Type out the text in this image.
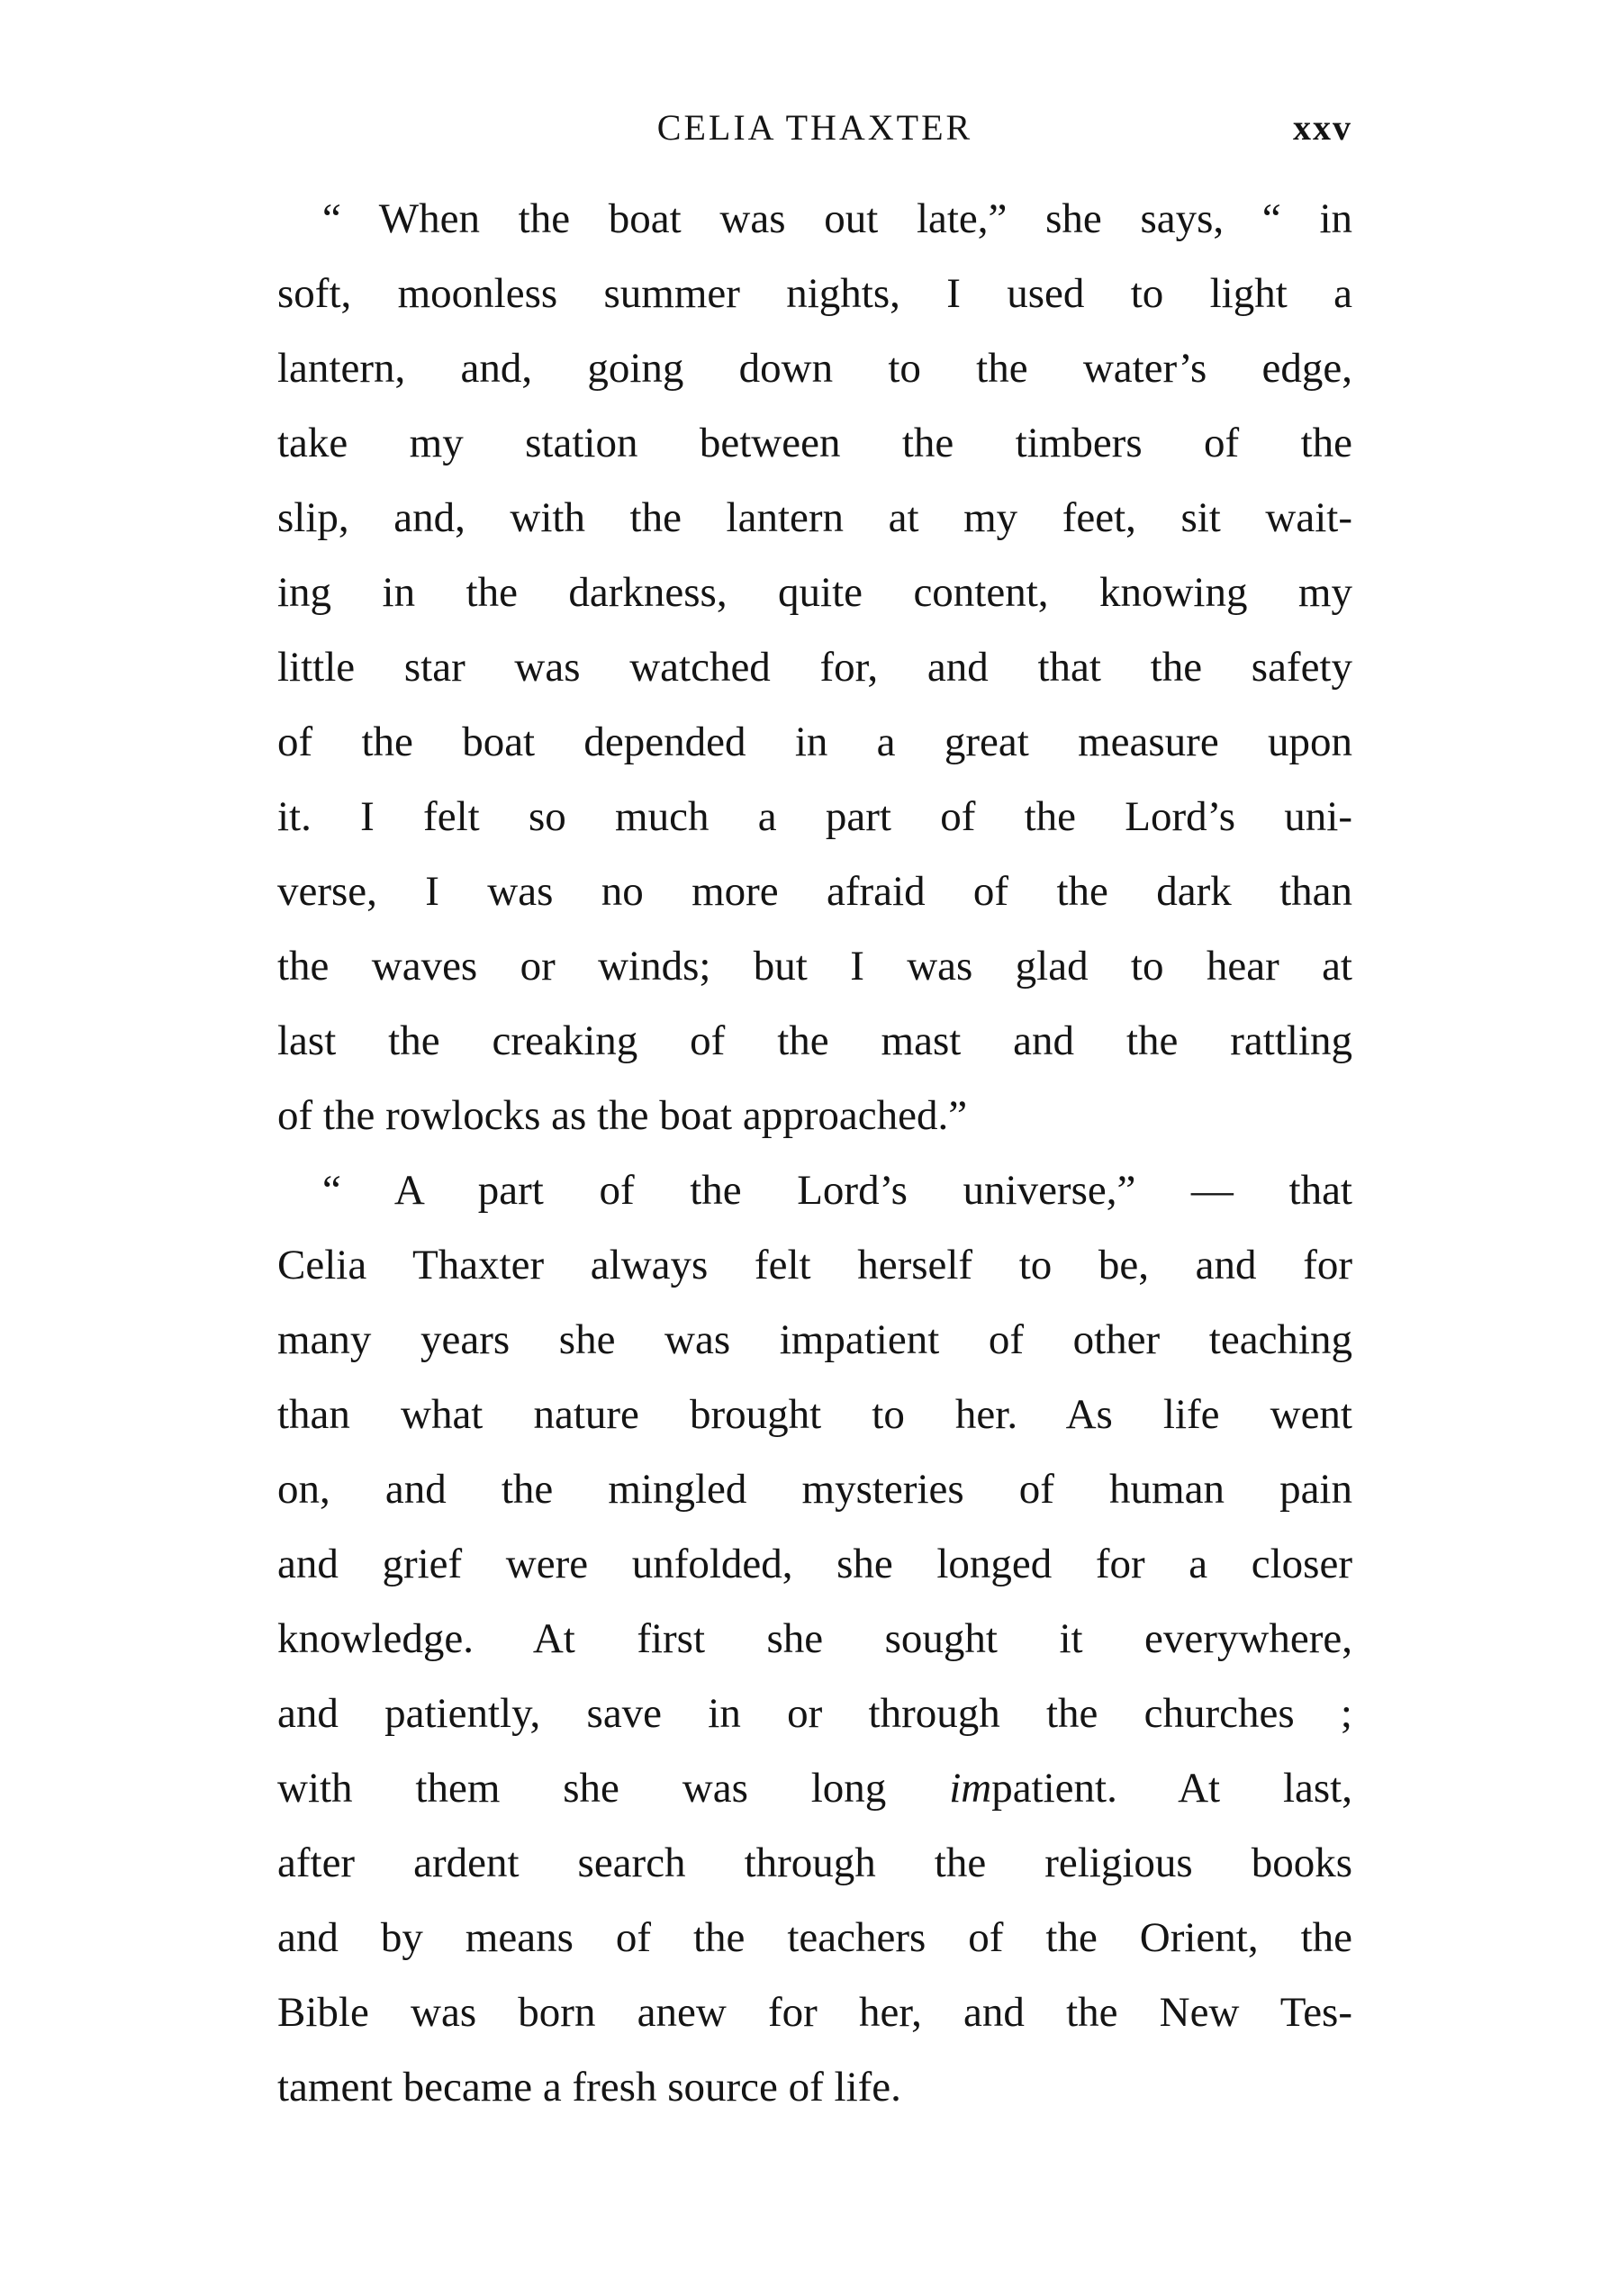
CELIA THAXTER	xxv
“ When the boat was out late,” she says, “ in
soft, moonless summer nights, I used to light a
lantern, and, going down to the water’s edge,
take my station between the timbers of the
slip, and, with the lantern at my feet, sit wait-
ing in the darkness, quite content, knowing my
little star was watched for, and that the safety
of the boat depended in a great measure upon
it. I felt so much a part of the Lord’s uni-
verse, I was no more afraid of the dark than
the waves or winds; but I was glad to hear at
last the creaking of the mast and the rattling
of the rowlocks as the boat approached.”
“ A part of the Lord’s universe,” — that
Celia Thaxter always felt herself to be, and for
many years she was impatient of other teaching
than what nature brought to her. As life went
on, and the mingled mysteries of human pain
and grief were unfolded, she longed for a closer
knowledge. At first she sought it everywhere,
and patiently, save in or through the churches ;
with them she was long impatient. At last,
after ardent search through the religious books
and by means of the teachers of the Orient, the
Bible was born anew for her, and the New Tes-
tament became a fresh source of life.
